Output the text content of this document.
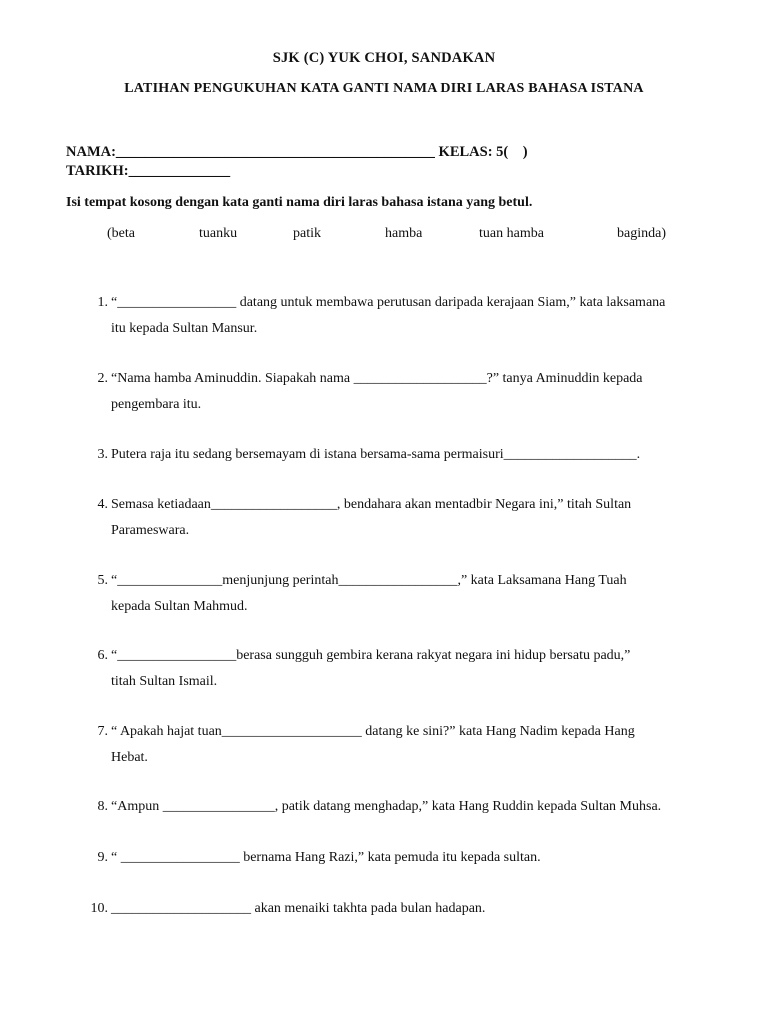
SJK (C) YUK CHOI, SANDAKAN
LATIHAN PENGUKUHAN KATA GANTI NAMA DIRI LARAS BAHASA ISTANA
NAMA:____________________________________________ KELAS: 5(    )
TARIKH:______________
Isi tempat kosong dengan kata ganti nama diri laras bahasa istana yang betul.
(beta	tuanku	patik	hamba	tuan hamba	baginda)
1. “_________________ datang untuk membawa perutusan daripada kerajaan Siam,” kata laksamana
itu kepada Sultan Mansur.
2. “Nama hamba Aminuddin. Siapakah nama ___________________?” tanya Aminuddin kepada
pengembara itu.
3. Putera raja itu sedang bersemayam di istana bersama-sama permaisuri___________________.
4. Semasa ketiadaan__________________, bendahara akan mentadbir Negara ini,” titah Sultan
Parameswara.
5. “_______________menjunjung perintah_________________,” kata Laksamana Hang Tuah
kepada Sultan Mahmud.
6. “_________________berasa sungguh gembira kerana rakyat negara ini hidup bersatu padu,”
titah Sultan Ismail.
7. “ Apakah hajat tuan____________________ datang ke sini?” kata Hang Nadim kepada Hang
Hebat.
8. “Ampun ________________, patik datang menghadap,” kata Hang Ruddin kepada Sultan Muhsa.
9. “ _________________ bernama Hang Razi,” kata pemuda itu kepada sultan.
10. ____________________ akan menaiki takhta pada bulan hadapan.
